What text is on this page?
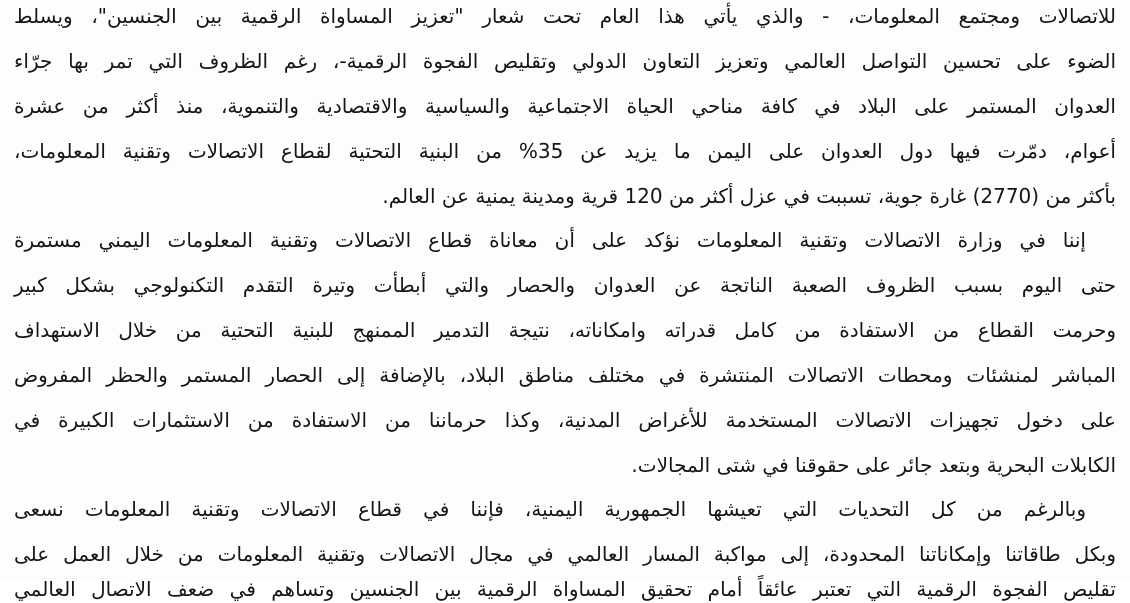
للاتصالات ومجتمع المعلومات، - والذي يأتي هذا العام تحت شعار "تعزيز المساواة الرقمية بين الجنسين"، ويسلط
الضوء على تحسين التواصل العالمي وتعزيز التعاون الدولي وتقليص الفجوة الرقمية-، رغم الظروف التي تمر بها جرّاء
العدوان المستمر على البلاد في كافة مناحي الحياة الاجتماعية والسياسية والاقتصادية والتنموية، منذ أكثر من عشرة
أعوام، دمّرت فيها دول العدوان على اليمن ما يزيد عن 35% من البنية التحتية لقطاع الاتصالات وتقنية المعلومات،
بأكثر من (2770) غارة جوية، تسببت في عزل أكثر من 120 قرية ومدينة يمنية عن العالم.
إننا في وزارة الاتصالات وتقنية المعلومات نؤكد على أن معاناة قطاع الاتصالات وتقنية المعلومات اليمني مستمرة
حتى اليوم بسبب الظروف الصعبة الناتجة عن العدوان والحصار والتي أبطأت وتيرة التقدم التكنولوجي بشكل كبير
وحرمت القطاع من الاستفادة من كامل قدراته وامكاناته، نتيجة التدمير الممنهج للبنية التحتية من خلال الاستهداف
المباشر لمنشئات ومحطات الاتصالات المنتشرة في مختلف مناطق البلاد، بالإضافة إلى الحصار المستمر والحظر المفروض
على دخول تجهيزات الاتصالات المستخدمة للأغراض المدنية، وكذا حرماننا من الاستفادة من الاستثمارات الكبيرة في
الكابلات البحرية وبتعد جائر على حقوقنا في شتى المجالات.
وبالرغم من كل التحديات التي تعيشها الجمهورية اليمنية، فإننا في قطاع الاتصالات وتقنية المعلومات نسعى
وبكل طاقاتنا وإمكاناتنا المحدودة، إلى مواكبة المسار العالمي في مجال الاتصالات وتقنية المعلومات من خلال العمل على
تقليص الفجوة الرقمية التي تعتبر عائقاً أمام تحقيق المساواة الرقمية بين الجنسين وتساهم في ضعف الاتصال العالمي
